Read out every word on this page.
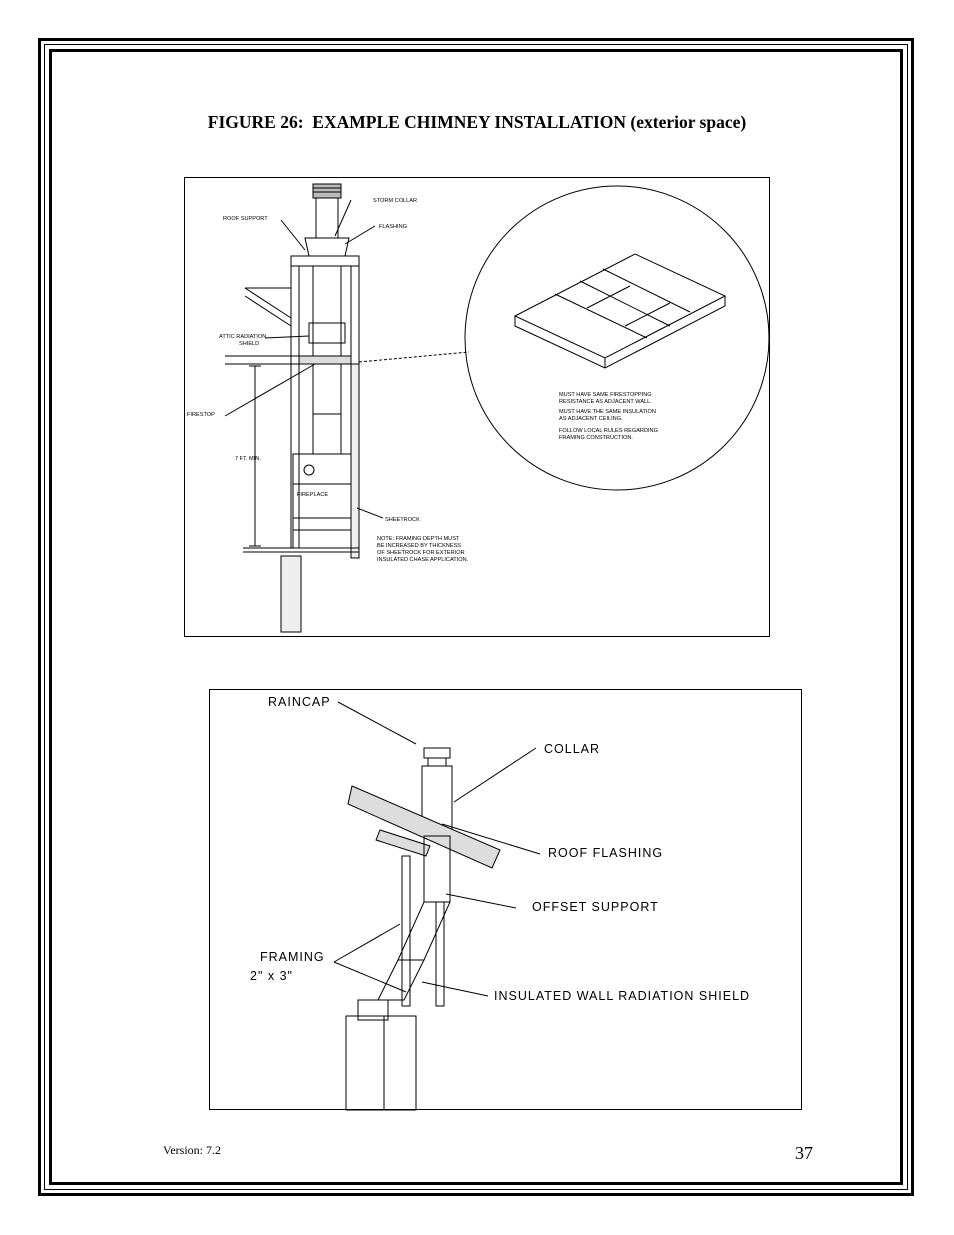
FIGURE 26:  EXAMPLE CHIMNEY INSTALLATION (exterior space)
STORM COLLAR
FLASHING
ROOF SUPPORT
ATTIC RADIATION
SHIELD
FIRESTOP
7 FT. MIN.
FIREPLACE
SHEETROCK
NOTE: FRAMING DEPTH MUST
BE INCREASED BY THICKNESS
OF SHEETROCK FOR EXTERIOR
INSULATED CHASE APPLICATION.
MUST HAVE SAME FIRESTOPPING
RESISTANCE AS ADJACENT WALL.
MUST HAVE THE SAME INSULATION
AS ADJACENT CEILING.
FOLLOW LOCAL RULES REGARDING
FRAMING CONSTRUCTION.
RAINCAP
COLLAR
ROOF FLASHING
OFFSET SUPPORT
FRAMING
2" x 3"
INSULATED WALL RADIATION SHIELD
Version: 7.2	37
